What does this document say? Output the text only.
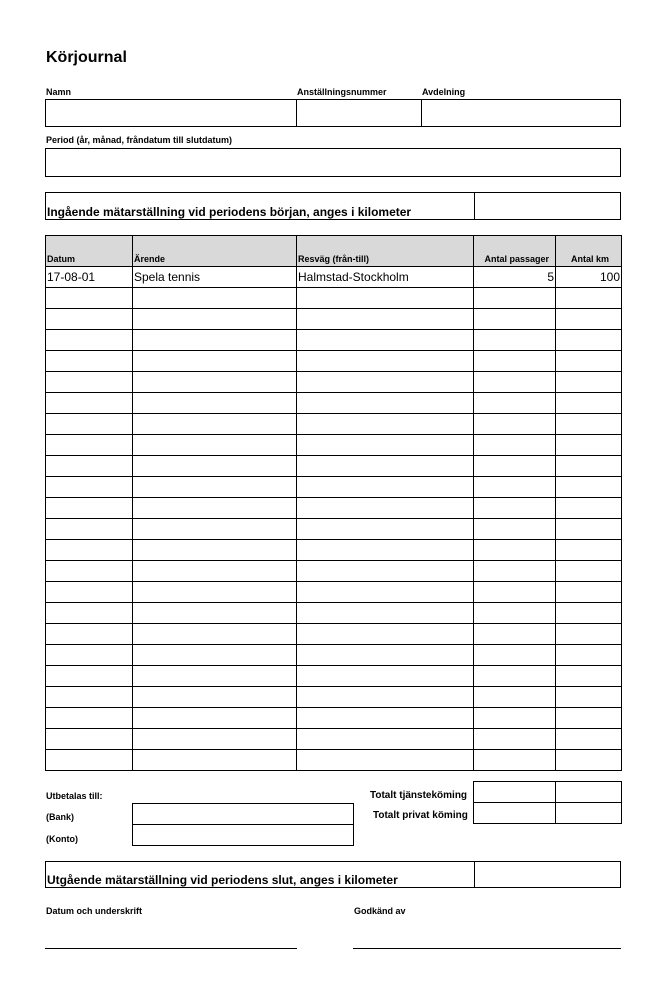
Körjournal
Namn	Anställningsnummer	Avdelning
Period (år, månad, fråndatum till slutdatum)
Ingående mätarställning vid periodens början, anges i kilometer
Datum	Ärende	Resväg (från-till)	Antal passager	Antal km
17-08-01	Spela tennis	Halmstad-Stockholm	5	100

Utbetalas till:
(Bank)
(Konto)
Totalt tjänsteköming
Totalt privat köming

Utgående mätarställning vid periodens slut, anges i kilometer
Datum och underskrift	Godkänd av
